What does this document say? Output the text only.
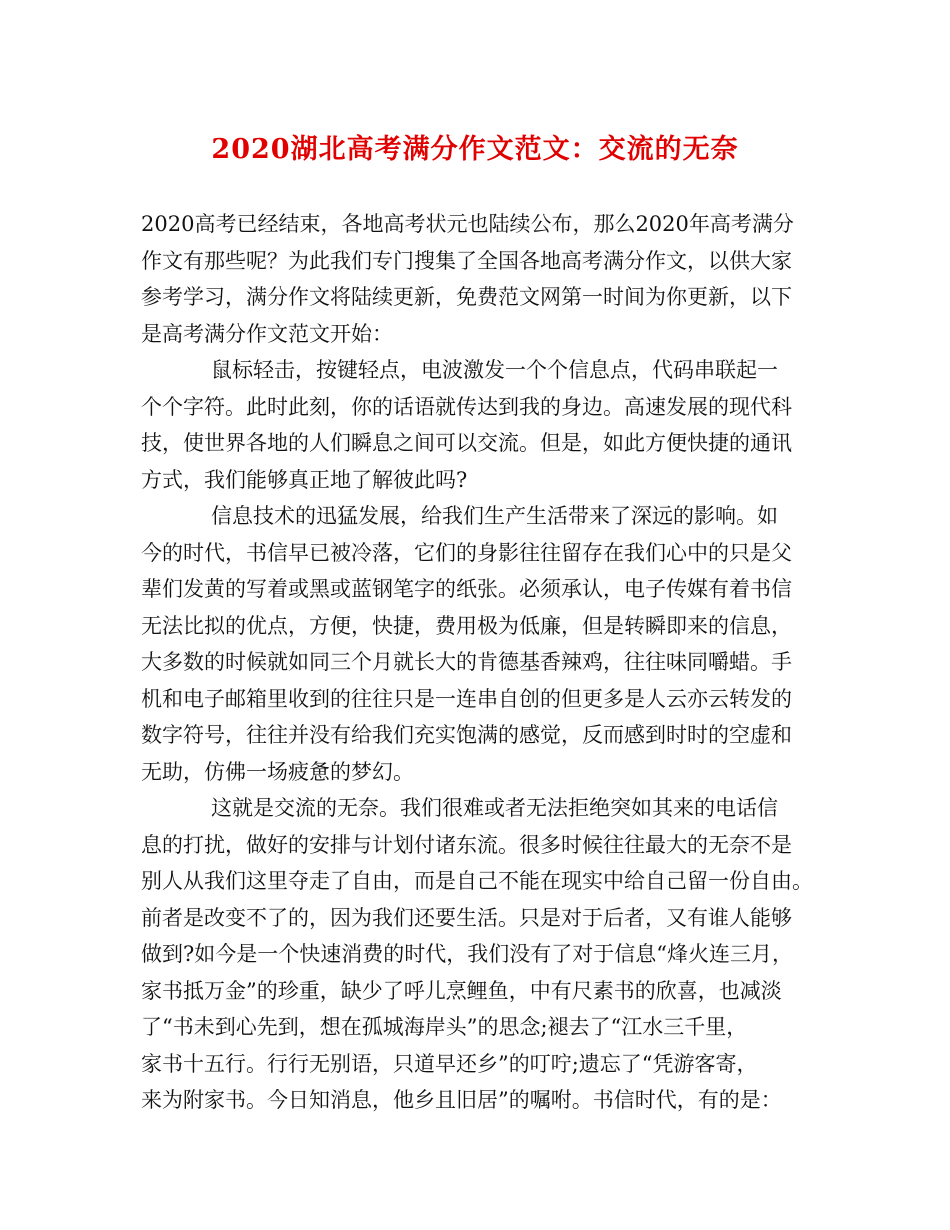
2020湖北高考满分作文范文：交流的无奈
2020高考已经结束，各地高考状元也陆续公布，那么2020年高考满分
作文有那些呢？为此我们专门搜集了全国各地高考满分作文，以供大家
参考学习，满分作文将陆续更新，免费范文网第一时间为你更新，以下
是高考满分作文范文开始：
鼠标轻击，按键轻点，电波激发一个个信息点，代码串联起一
个个字符。此时此刻，你的话语就传达到我的身边。高速发展的现代科
技，使世界各地的人们瞬息之间可以交流。但是，如此方便快捷的通讯
方式，我们能够真正地了解彼此吗?
信息技术的迅猛发展，给我们生产生活带来了深远的影响。如
今的时代，书信早已被冷落，它们的身影往往留存在我们心中的只是父
辈们发黄的写着或黑或蓝钢笔字的纸张。必须承认，电子传媒有着书信
无法比拟的优点，方便，快捷，费用极为低廉，但是转瞬即来的信息，
大多数的时候就如同三个月就长大的肯德基香辣鸡，往往味同嚼蜡。手
机和电子邮箱里收到的往往只是一连串自创的但更多是人云亦云转发的
数字符号，往往并没有给我们充实饱满的感觉，反而感到时时的空虚和
无助，仿佛一场疲惫的梦幻。
这就是交流的无奈。我们很难或者无法拒绝突如其来的电话信
息的打扰，做好的安排与计划付诸东流。很多时候往往最大的无奈不是
别人从我们这里夺走了自由，而是自己不能在现实中给自己留一份自由。
前者是改变不了的，因为我们还要生活。只是对于后者，又有谁人能够
做到?如今是一个快速消费的时代，我们没有了对于信息“烽火连三月，
家书抵万金”的珍重，缺少了呼儿烹鲤鱼，中有尺素书的欣喜，也减淡
了“书未到心先到，想在孤城海岸头”的思念;褪去了“江水三千里，
家书十五行。行行无别语，只道早还乡”的叮咛;遗忘了“凭游客寄，
来为附家书。今日知消息，他乡且旧居”的嘱咐。书信时代，有的是：
